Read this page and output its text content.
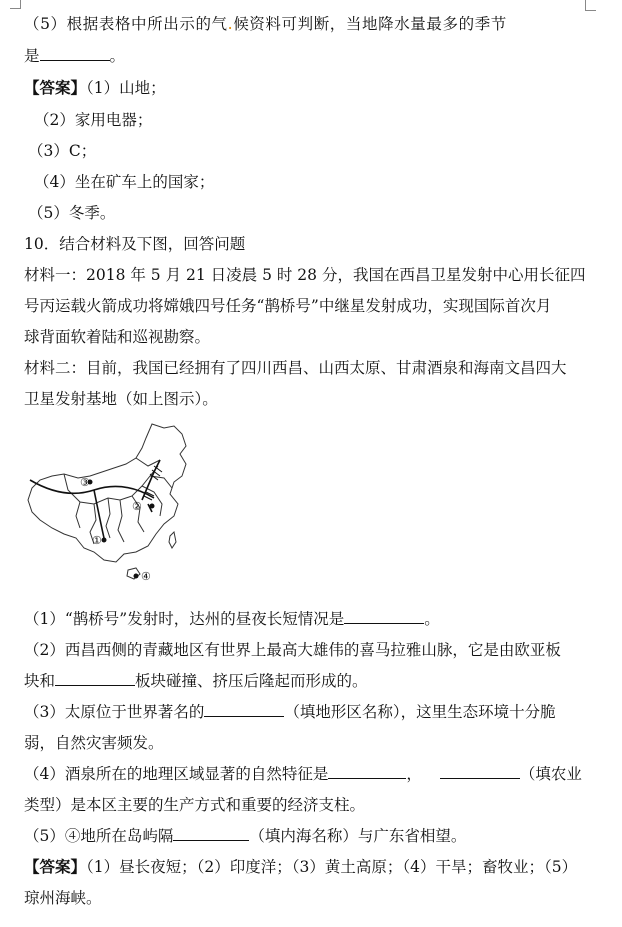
（5）根据表格中所出示的气.候资料可判断，当地降水量最多的季节
是	。
【答案】（1）山地；
（2）家用电器；
（3）C；
（4）坐在矿车上的国家；
（5）冬季。
10．结合材料及下图，回答问题
材料一：2018 年 5 月 21 日凌晨 5 时 28 分，我国在西昌卫星发射中心用长征四
号丙运载火箭成功将嫦娥四号任务“鹊桥号”中继星发射成功，实现国际首次月
球背面软着陆和巡视勘察。
材料二：目前，我国已经拥有了四川西昌、山西太原、甘肃酒泉和海南文昌四大
卫星发射基地（如上图示）。
①
②
③
④
（1）“鹊桥号”发射时，达州的昼夜长短情况是	。
（2）西昌西侧的青藏地区有世界上最高大雄伟的喜马拉雅山脉，它是由欧亚板
块和	板块碰撞、挤压后隆起而形成的。
（3）太原位于世界著名的	（填地形区名称），这里生态环境十分脆
弱，自然灾害频发。
（4）酒泉所在的地理区域显著的自然特征是	，	（填农业
类型）是本区主要的生产方式和重要的经济支柱。
（5）④地所在岛屿隔	（填内海名称）与广东省相望。
【答案】（1）昼长夜短；（2）印度洋；（3）黄土高原；（4）干旱；畜牧业；（5）
琼州海峡。
